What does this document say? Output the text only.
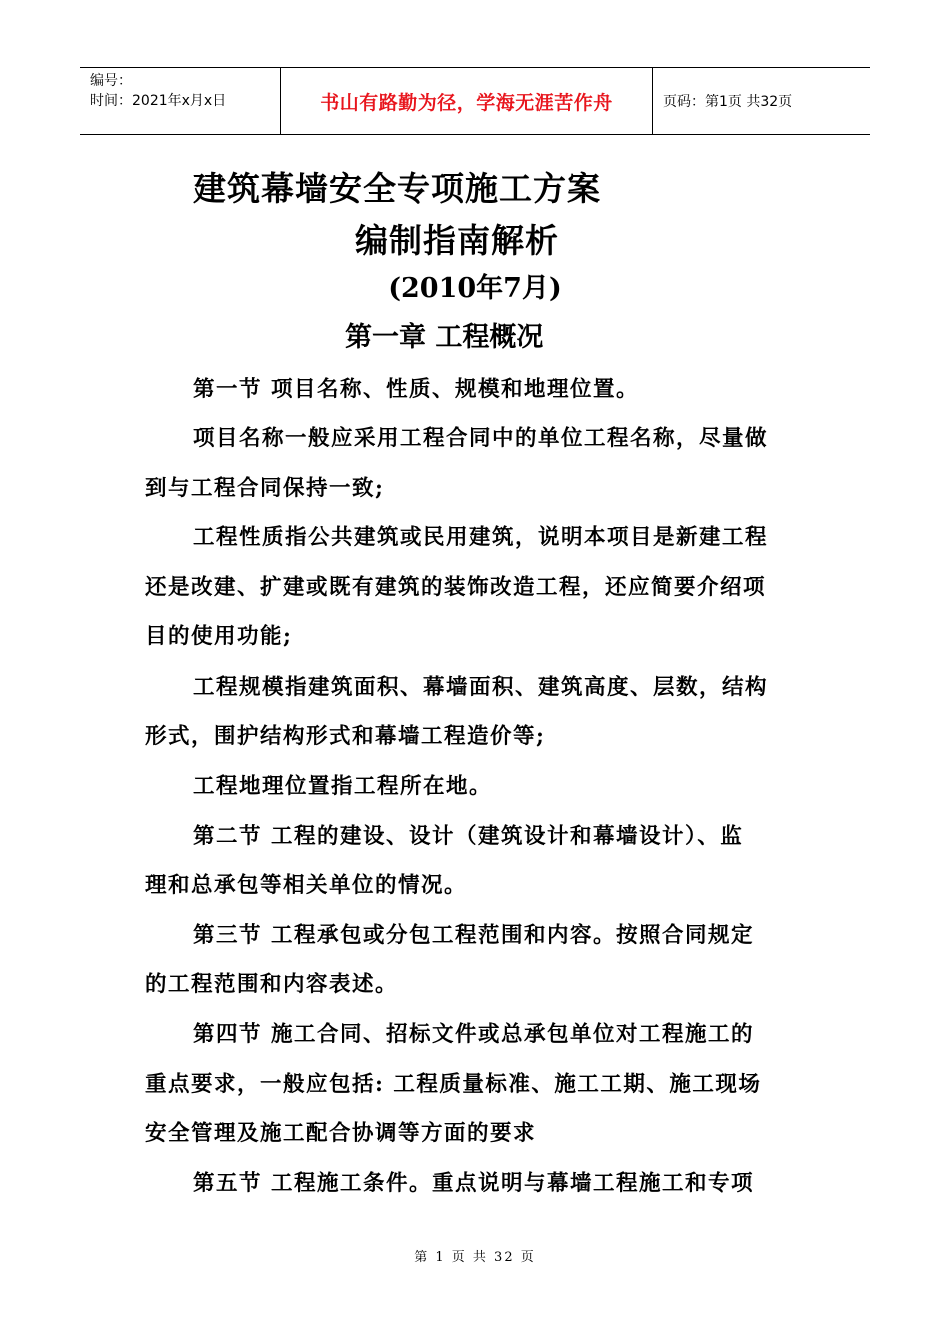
编号：
时间：2021年x月x日	书山有路勤为径，学海无涯苦作舟	页码：第1页 共32页
建筑幕墙安全专项施工方案
编制指南解析
(2010年7月)
第一章 工程概况
第一节 项目名称、性质、规模和地理位置。
项目名称一般应采用工程合同中的单位工程名称，尽量做
到与工程合同保持一致;
工程性质指公共建筑或民用建筑，说明本项目是新建工程
还是改建、扩建或既有建筑的装饰改造工程，还应简要介绍项
目的使用功能;
工程规模指建筑面积、幕墙面积、建筑高度、层数，结构
形式，围护结构形式和幕墙工程造价等;
工程地理位置指工程所在地。
第二节 工程的建设、设计（建筑设计和幕墙设计）、监
理和总承包等相关单位的情况。
第三节 工程承包或分包工程范围和内容。按照合同规定
的工程范围和内容表述。
第四节 施工合同、招标文件或总承包单位对工程施工的
重点要求，一般应包括: 工程质量标准、施工工期、施工现场
安全管理及施工配合协调等方面的要求
第五节 工程施工条件。重点说明与幕墙工程施工和专项
第 1 页 共 32 页
